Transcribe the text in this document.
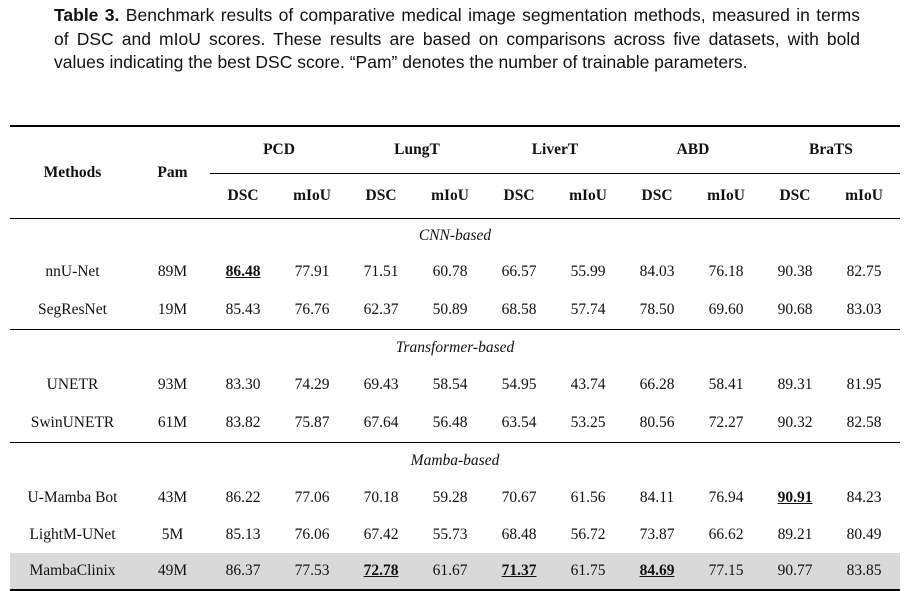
Table 3. Benchmark results of comparative medical image segmentation methods, measured in terms of DSC and mIoU scores. These results are based on comparisons across five datasets, with bold values indicating the best DSC score. “Pam” denotes the number of trainable parameters.
Methods	Pam	PCD		LungT		LiverT		ABD		BraTS	
		DSC	mIoU	DSC	mIoU	DSC	mIoU	DSC	mIoU	DSC	mIoU
CNN-based											
nnU-Net	89M	86.48	77.91	71.51	60.78	66.57	55.99	84.03	76.18	90.38	82.75
SegResNet	19M	85.43	76.76	62.37	50.89	68.58	57.74	78.50	69.60	90.68	83.03
Transformer-based											
UNETR	93M	83.30	74.29	69.43	58.54	54.95	43.74	66.28	58.41	89.31	81.95
SwinUNETR	61M	83.82	75.87	67.64	56.48	63.54	53.25	80.56	72.27	90.32	82.58
Mamba-based											
U-Mamba Bot	43M	86.22	77.06	70.18	59.28	70.67	61.56	84.11	76.94	90.91	84.23
LightM-UNet	5M	85.13	76.06	67.42	55.73	68.48	56.72	73.87	66.62	89.21	80.49
MambaClinix	49M	86.37	77.53	72.78	61.67	71.37	61.75	84.69	77.15	90.77	83.85
